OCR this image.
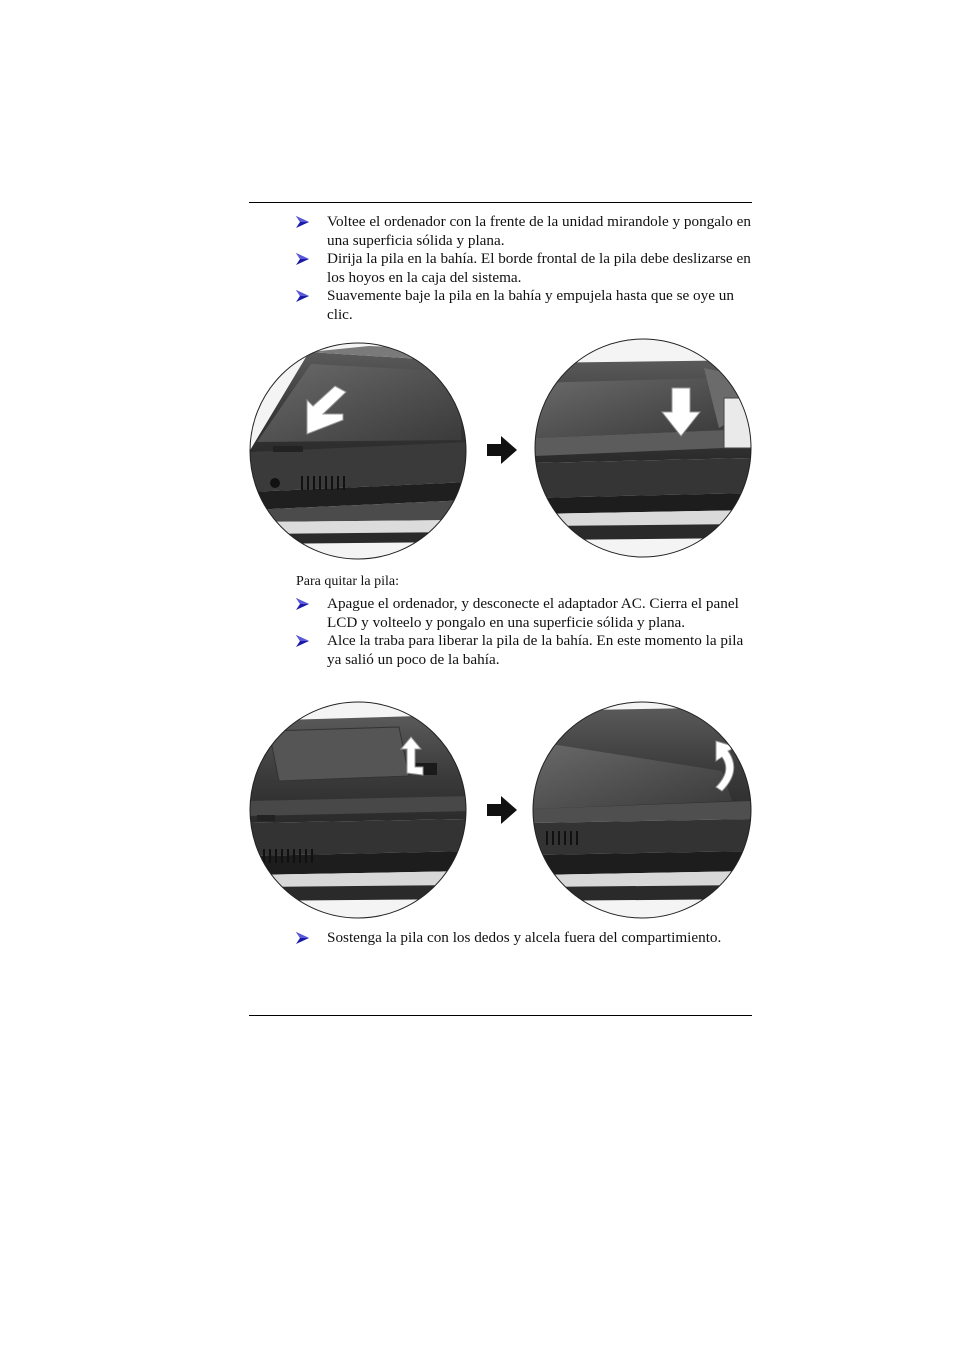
Voltee el ordenador con la frente de la unidad mirandole y pongalo en una superficia sólida y plana.
Dirija la pila en la bahía. El borde frontal de la pila debe deslizarse en los hoyos en la caja del sistema.
Suavemente baje la pila en la bahía y empujela hasta que se oye un clic.

Para quitar la pila:

Apague el ordenador, y desconecte el adaptador AC. Cierra el panel LCD y volteelo y pongalo en una superficie sólida y plana.
Alce la traba para liberar la pila de la bahía. En este momento la pila ya salió un poco de la bahía.
Sostenga la pila con los dedos y alcela fuera del compartimiento.
